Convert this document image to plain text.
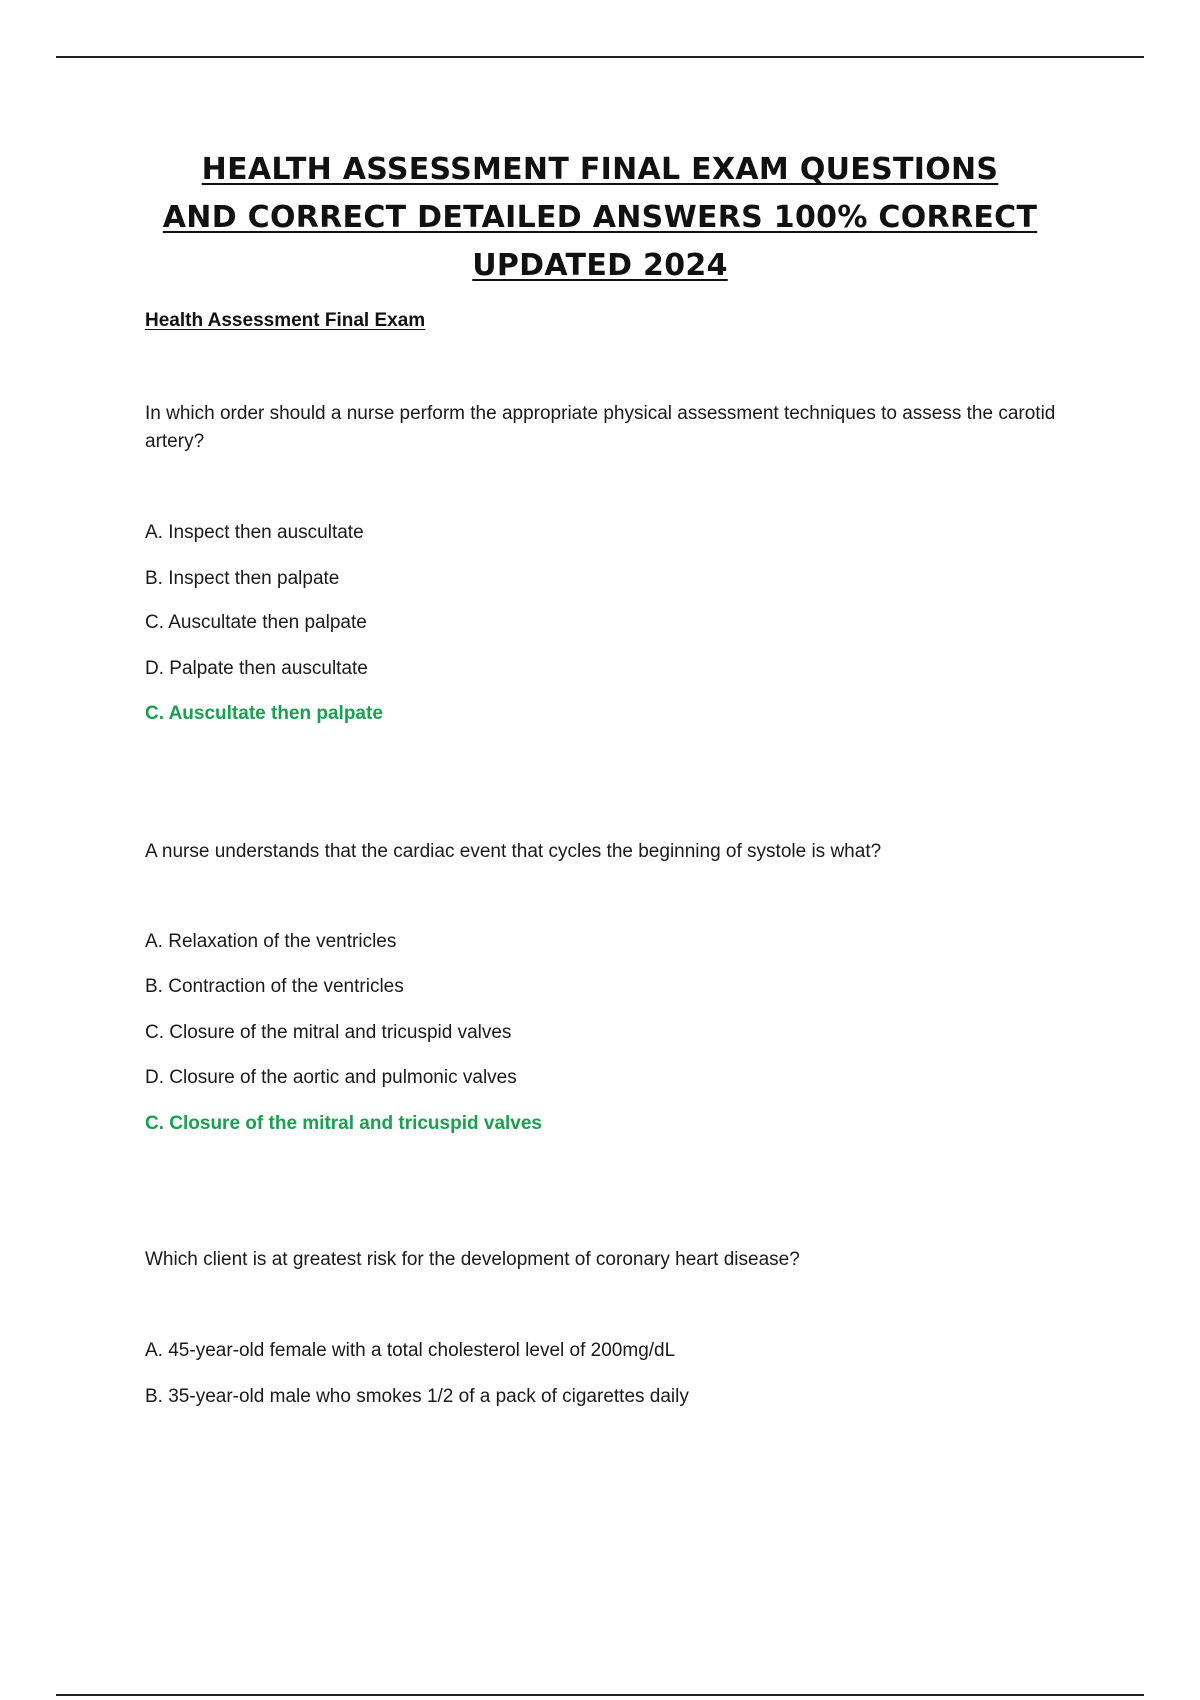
HEALTH ASSESSMENT FINAL EXAM QUESTIONS
AND CORRECT DETAILED ANSWERS 100% CORRECT
UPDATED 2024

Health Assessment Final Exam

In which order should a nurse perform the appropriate physical assessment techniques to assess the carotid artery?

A. Inspect then auscultate

B. Inspect then palpate

C. Auscultate then palpate

D. Palpate then auscultate

C. Auscultate then palpate

A nurse understands that the cardiac event that cycles the beginning of systole is what?

A. Relaxation of the ventricles

B. Contraction of the ventricles

C. Closure of the mitral and tricuspid valves

D. Closure of the aortic and pulmonic valves

C. Closure of the mitral and tricuspid valves

Which client is at greatest risk for the development of coronary heart disease?

A. 45-year-old female with a total cholesterol level of 200mg/dL

B. 35-year-old male who smokes 1/2 of a pack of cigarettes daily
